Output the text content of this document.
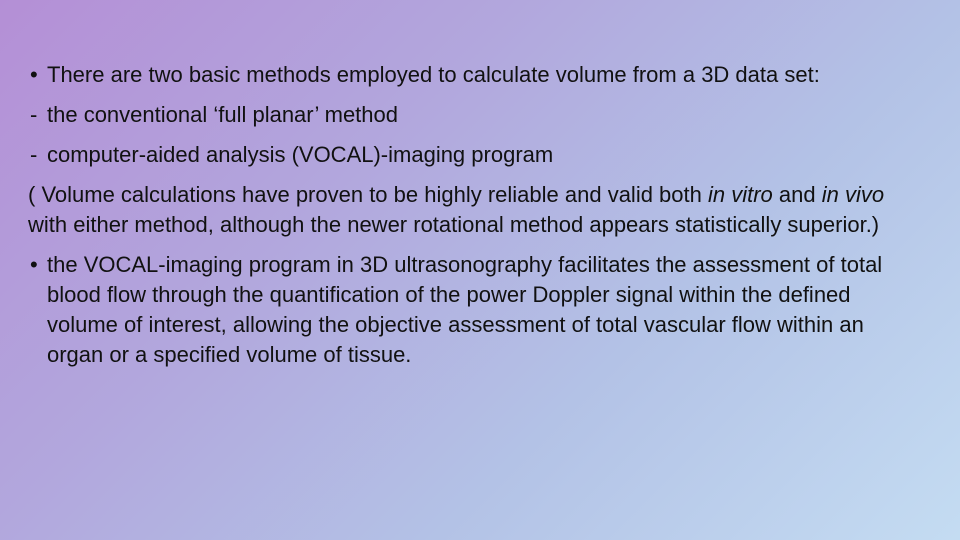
• There are two basic methods employed to calculate volume from a 3D data set:
- the conventional ‘full planar’ method
- computer-aided analysis (VOCAL)-imaging program
( Volume calculations have proven to be highly reliable and valid both in vitro and in vivo with either method, although the newer rotational method appears statistically superior.)
• the VOCAL-imaging program in 3D ultrasonography facilitates the assessment of total blood flow through the quantification of the power Doppler signal within the defined volume of interest, allowing the objective assessment of total vascular flow within an organ or a specified volume of tissue.
